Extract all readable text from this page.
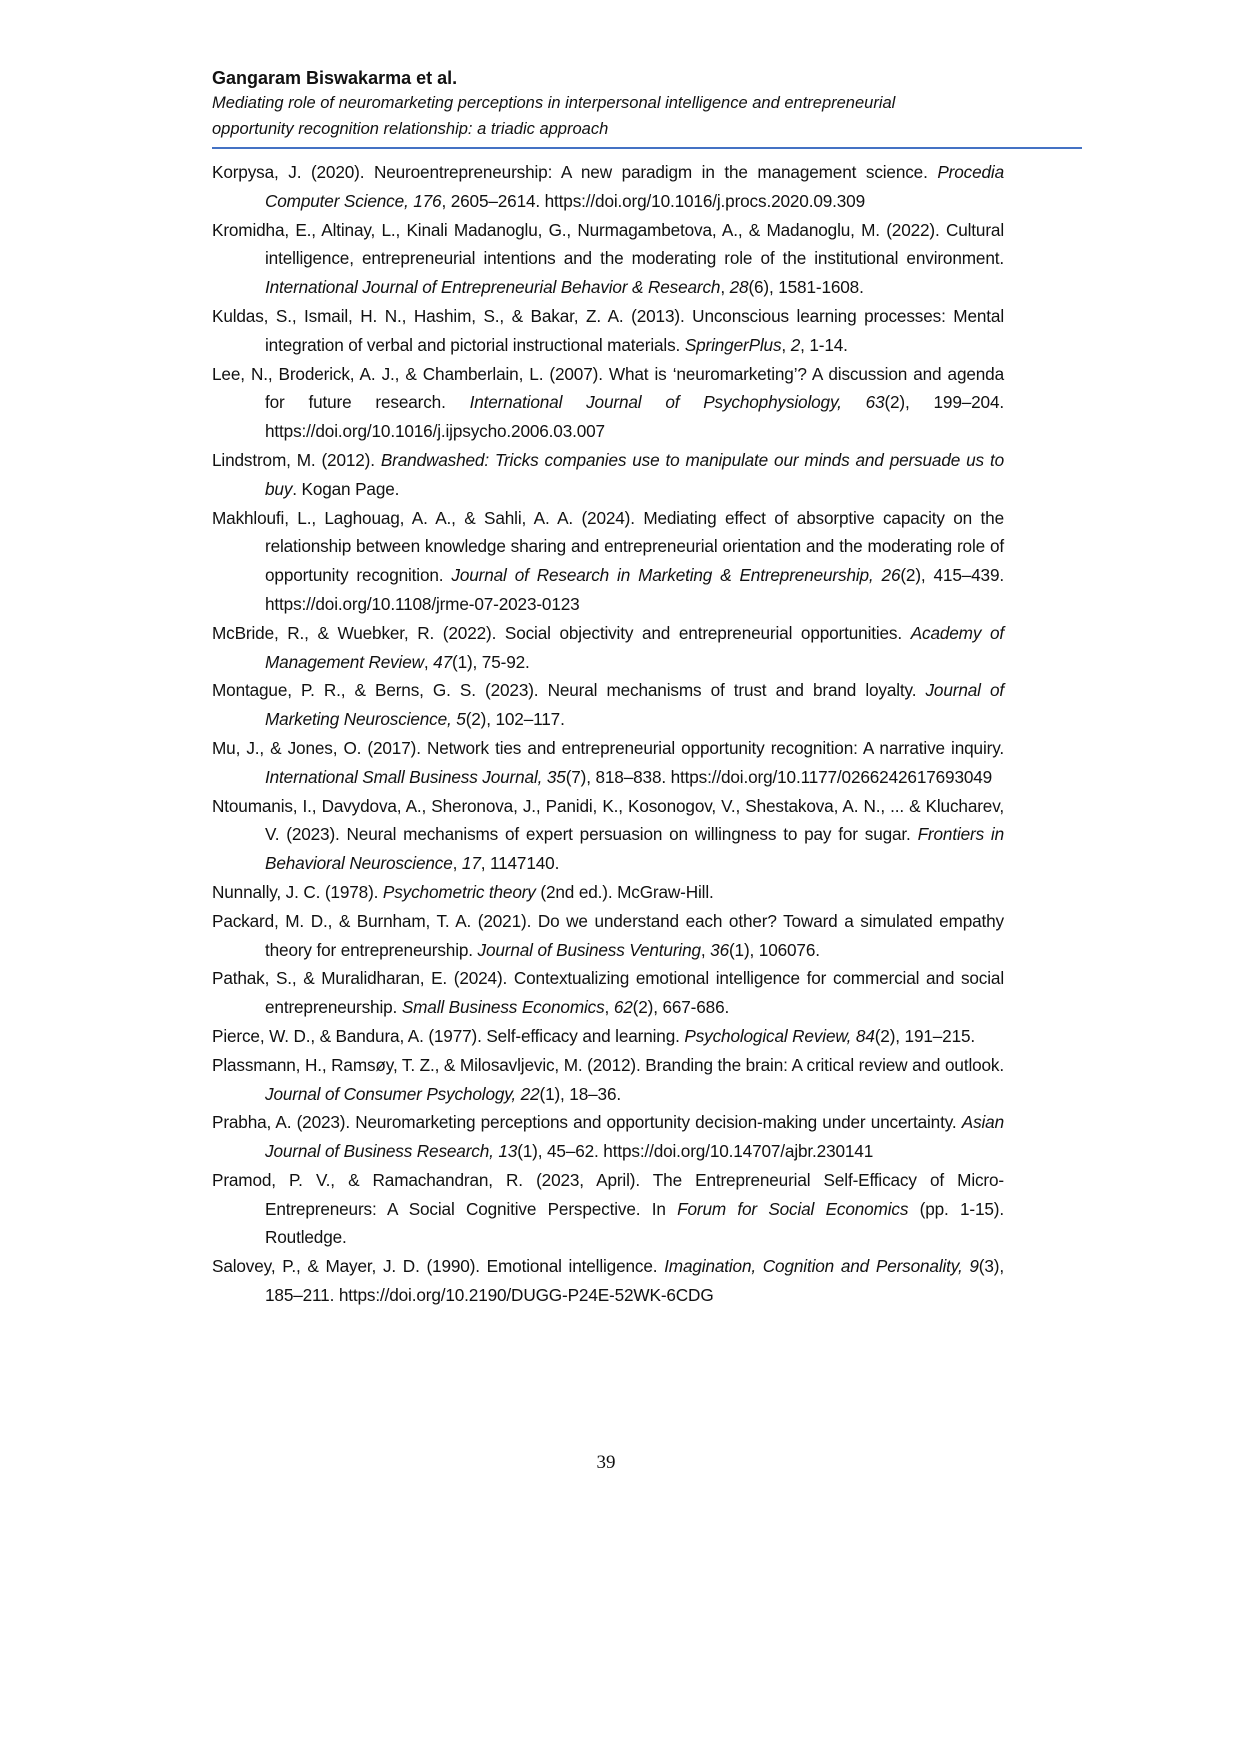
Gangaram Biswakarma et al.
Mediating role of neuromarketing perceptions in interpersonal intelligence and entrepreneurial
opportunity recognition relationship: a triadic approach
Korpysa, J. (2020). Neuroentrepreneurship: A new paradigm in the management science. Procedia Computer Science, 176, 2605–2614. https://doi.org/10.1016/j.procs.2020.09.309
Kromidha, E., Altinay, L., Kinali Madanoglu, G., Nurmagambetova, A., & Madanoglu, M. (2022). Cultural intelligence, entrepreneurial intentions and the moderating role of the institutional environment. International Journal of Entrepreneurial Behavior & Research, 28(6), 1581-1608.
Kuldas, S., Ismail, H. N., Hashim, S., & Bakar, Z. A. (2013). Unconscious learning processes: Mental integration of verbal and pictorial instructional materials. SpringerPlus, 2, 1-14.
Lee, N., Broderick, A. J., & Chamberlain, L. (2007). What is ‘neuromarketing’? A discussion and agenda for future research. International Journal of Psychophysiology, 63(2), 199–204. https://doi.org/10.1016/j.ijpsycho.2006.03.007
Lindstrom, M. (2012). Brandwashed: Tricks companies use to manipulate our minds and persuade us to buy. Kogan Page.
Makhloufi, L., Laghouag, A. A., & Sahli, A. A. (2024). Mediating effect of absorptive capacity on the relationship between knowledge sharing and entrepreneurial orientation and the moderating role of opportunity recognition. Journal of Research in Marketing & Entrepreneurship, 26(2), 415–439. https://doi.org/10.1108/jrme-07-2023-0123
McBride, R., & Wuebker, R. (2022). Social objectivity and entrepreneurial opportunities. Academy of Management Review, 47(1), 75-92.
Montague, P. R., & Berns, G. S. (2023). Neural mechanisms of trust and brand loyalty. Journal of Marketing Neuroscience, 5(2), 102–117.
Mu, J., & Jones, O. (2017). Network ties and entrepreneurial opportunity recognition: A narrative inquiry. International Small Business Journal, 35(7), 818–838. https://doi.org/10.1177/0266242617693049
Ntoumanis, I., Davydova, A., Sheronova, J., Panidi, K., Kosonogov, V., Shestakova, A. N., ... & Klucharev, V. (2023). Neural mechanisms of expert persuasion on willingness to pay for sugar. Frontiers in Behavioral Neuroscience, 17, 1147140.
Nunnally, J. C. (1978). Psychometric theory (2nd ed.). McGraw-Hill.
Packard, M. D., & Burnham, T. A. (2021). Do we understand each other? Toward a simulated empathy theory for entrepreneurship. Journal of Business Venturing, 36(1), 106076.
Pathak, S., & Muralidharan, E. (2024). Contextualizing emotional intelligence for commercial and social entrepreneurship. Small Business Economics, 62(2), 667-686.
Pierce, W. D., & Bandura, A. (1977). Self-efficacy and learning. Psychological Review, 84(2), 191–215.
Plassmann, H., Ramsøy, T. Z., & Milosavljevic, M. (2012). Branding the brain: A critical review and outlook. Journal of Consumer Psychology, 22(1), 18–36.
Prabha, A. (2023). Neuromarketing perceptions and opportunity decision-making under uncertainty. Asian Journal of Business Research, 13(1), 45–62. https://doi.org/10.14707/ajbr.230141
Pramod, P. V., & Ramachandran, R. (2023, April). The Entrepreneurial Self-Efficacy of Micro-Entrepreneurs: A Social Cognitive Perspective. In Forum for Social Economics (pp. 1-15). Routledge.
Salovey, P., & Mayer, J. D. (1990). Emotional intelligence. Imagination, Cognition and Personality, 9(3), 185–211. https://doi.org/10.2190/DUGG-P24E-52WK-6CDG
39
